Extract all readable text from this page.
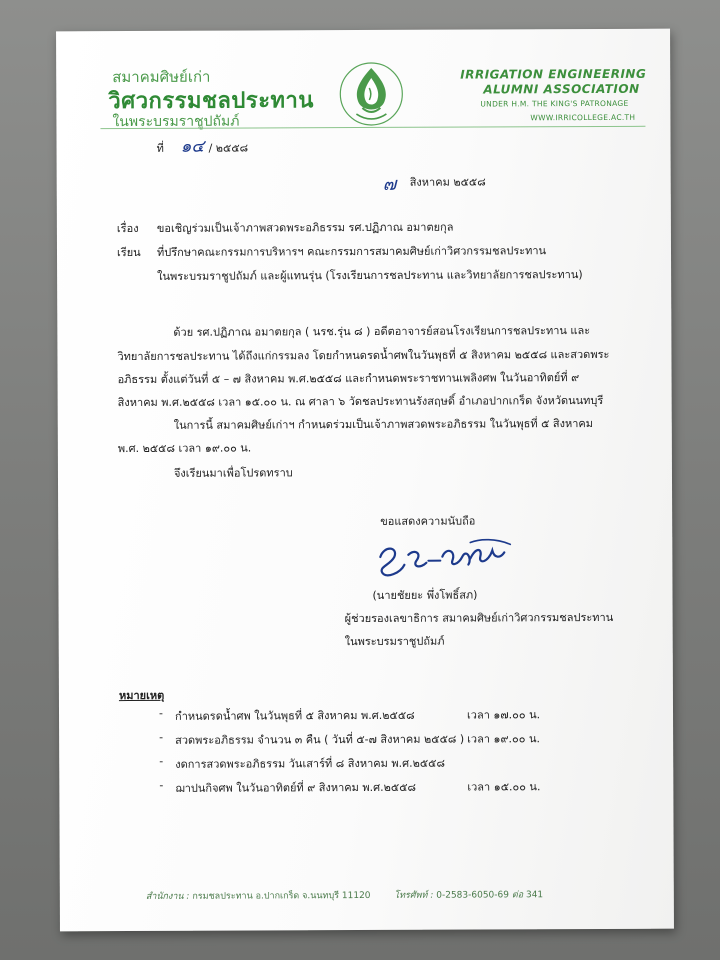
สมาคมศิษย์เก่า
วิศวกรรมชลประทาน
ในพระบรมราชูปถัมภ์
IRRIGATION ENGINEERING
ALUMNI ASSOCIATION
UNDER H.M. THE KING'S PATRONAGE
WWW.IRRICOLLEGE.AC.TH
ที่ ๑๔ / ๒๕๕๘
๗ สิงหาคม ๒๕๕๘
เรื่อง ขอเชิญร่วมเป็นเจ้าภาพสวดพระอภิธรรม รศ.ปฏิภาณ อมาตยกุล
เรียน ที่ปรึกษาคณะกรรมการบริหารฯ คณะกรรมการสมาคมศิษย์เก่าวิศวกรรมชลประทาน
ในพระบรมราชูปถัมภ์ และผู้แทนรุ่น (โรงเรียนการชลประทาน และวิทยาลัยการชลประทาน)
ด้วย รศ.ปฏิภาณ อมาตยกุล ( นรช.รุ่น ๘ ) อดีตอาจารย์สอนโรงเรียนการชลประทาน และ
วิทยาลัยการชลประทาน ได้ถึงแก่กรรมลง โดยกำหนดรดน้ำศพในวันพุธที่ ๕ สิงหาคม ๒๕๕๘ และสวดพระ
อภิธรรม ตั้งแต่วันที่ ๕ – ๗ สิงหาคม พ.ศ.๒๕๕๘ และกำหนดพระราชทานเพลิงศพ ในวันอาทิตย์ที่ ๙
สิงหาคม พ.ศ.๒๕๕๘ เวลา ๑๕.๐๐ น. ณ ศาลา ๖ วัดชลประทานรังสฤษดิ์ อำเภอปากเกร็ด จังหวัดนนทบุรี
ในการนี้ สมาคมศิษย์เก่าฯ กำหนดร่วมเป็นเจ้าภาพสวดพระอภิธรรม ในวันพุธที่ ๕ สิงหาคม
พ.ศ. ๒๕๕๘ เวลา ๑๙.๐๐ น.
จึงเรียนมาเพื่อโปรดทราบ
ขอแสดงความนับถือ
(นายชัยยะ พึ่งโพธิ์สภ)
ผู้ช่วยรองเลขาธิการ สมาคมศิษย์เก่าวิศวกรรมชลประทาน
ในพระบรมราชูปถัมภ์
หมายเหตุ
- กำหนดรดน้ำศพ ในวันพุธที่ ๕ สิงหาคม พ.ศ.๒๕๕๘	เวลา ๑๗.๐๐ น.
- สวดพระอภิธรรม จำนวน ๓ คืน ( วันที่ ๕-๗ สิงหาคม ๒๕๕๘ ) เวลา ๑๙.๐๐ น.
- งดการสวดพระอภิธรรม วันเสาร์ที่ ๘ สิงหาคม พ.ศ.๒๕๕๘
- ฌาปนกิจศพ ในวันอาทิตย์ที่ ๙ สิงหาคม พ.ศ.๒๕๕๘	เวลา ๑๕.๐๐ น.
สำนักงาน : กรมชลประทาน อ.ปากเกร็ด จ.นนทบุรี 11120	โทรศัพท์ : 0-2583-6050-69 ต่อ 341
